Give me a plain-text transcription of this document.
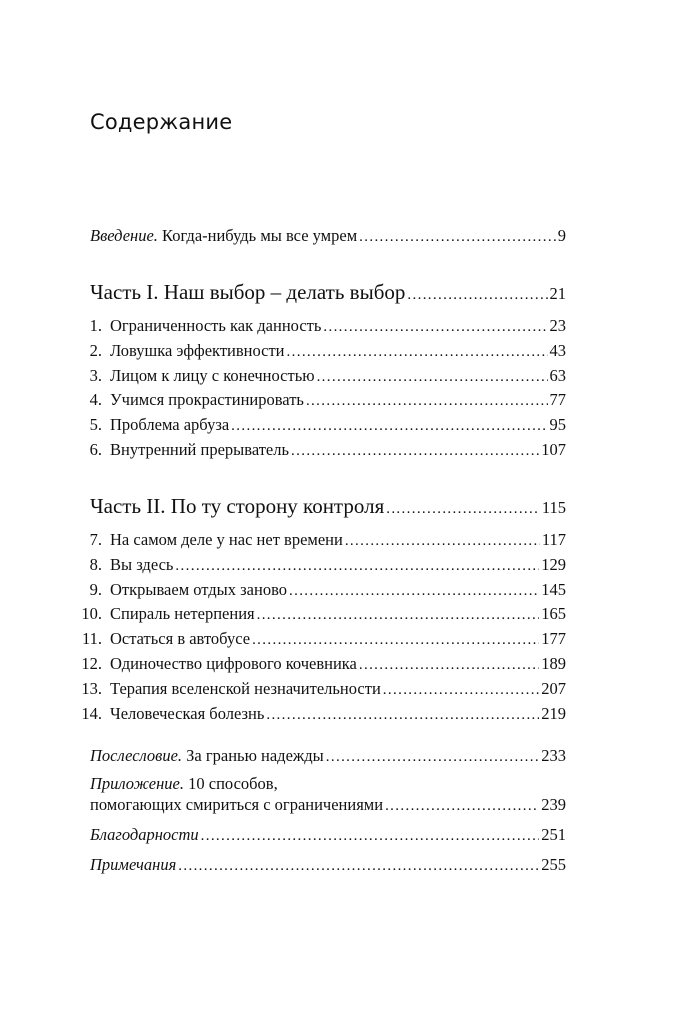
Содержание
Введение. Когда-нибудь мы все умрем . . .	9
Часть I. Наш выбор – делать выбор . . .	21
1. Ограниченность как данность . . .	23
2. Ловушка эффективности . . .	43
3. Лицом к лицу с конечностью . . .	63
4. Учимся прокрастинировать . . .	77
5. Проблема арбуза . . .	95
6. Внутренний прерыватель . . .	107
Часть II. По ту сторону контроля . . .	115
7. На самом деле у нас нет времени . . .	117
8. Вы здесь . . .	129
9. Открываем отдых заново . . .	145
10. Спираль нетерпения . . .	165
11. Остаться в автобусе . . .	177
12. Одиночество цифрового кочевника . . .	189
13. Терапия вселенской незначительности . . .	207
14. Человеческая болезнь . . .	219
Послесловие. За гранью надежды . . .	233
Приложение. 10 способов,
помогающих смириться с ограничениями . . .	239
Благодарности . . .	251
Примечания . . .	255
